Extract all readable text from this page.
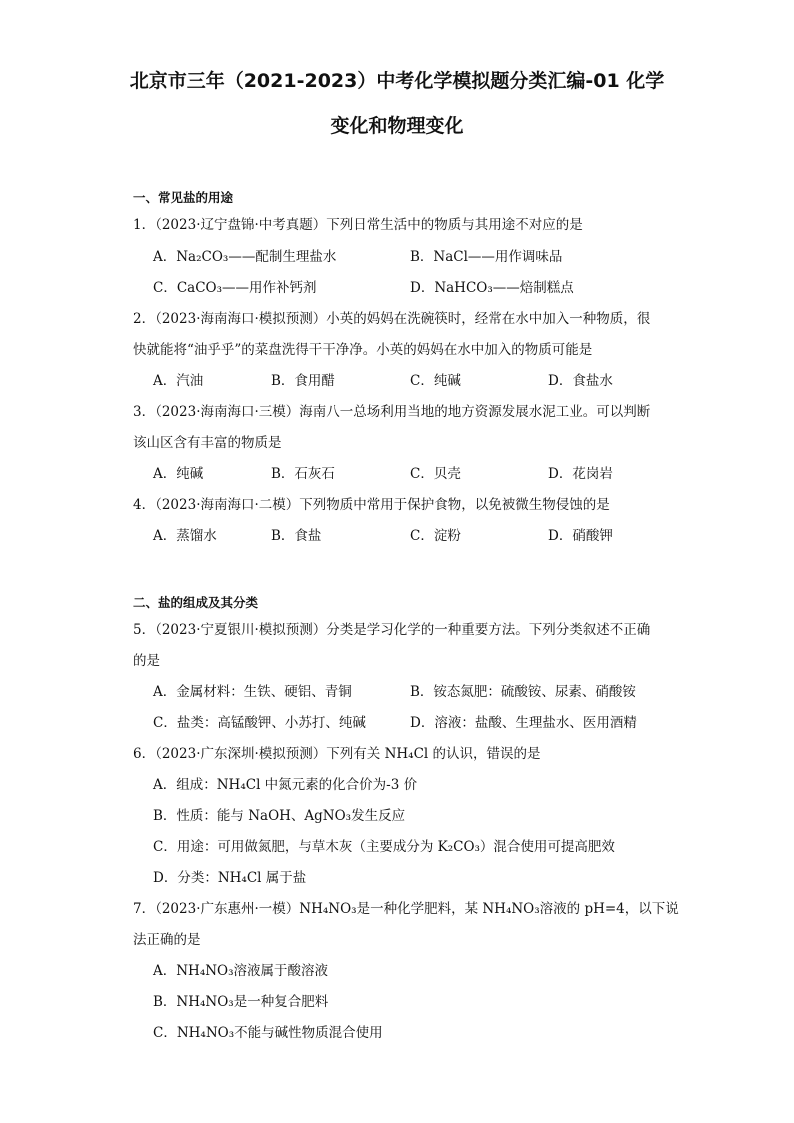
北京市三年（2021-2023）中考化学模拟题分类汇编-01 化学
变化和物理变化
一、常见盐的用途
1．（2023·辽宁盘锦·中考真题）下列日常生活中的物质与其用途不对应的是
A．Na₂CO₃——配制生理盐水	B．NaCl——用作调味品
C．CaCO₃——用作补钙剂	D．NaHCO₃——焙制糕点
2．（2023·海南海口·模拟预测）小英的妈妈在洗碗筷时，经常在水中加入一种物质，很
快就能将“油乎乎”的菜盘洗得干干净净。小英的妈妈在水中加入的物质可能是
A．汽油	B．食用醋	C．纯碱	D．食盐水
3．（2023·海南海口·三模）海南八一总场利用当地的地方资源发展水泥工业。可以判断
该山区含有丰富的物质是
A．纯碱	B．石灰石	C．贝壳	D．花岗岩
4．（2023·海南海口·二模）下列物质中常用于保护食物，以免被微生物侵蚀的是
A．蒸馏水	B．食盐	C．淀粉	D．硝酸钾
二、盐的组成及其分类
5．（2023·宁夏银川·模拟预测）分类是学习化学的一种重要方法。下列分类叙述不正确
的是
A．金属材料：生铁、硬铝、青铜	B．铵态氮肥：硫酸铵、尿素、硝酸铵
C．盐类：高锰酸钾、小苏打、纯碱	D．溶液：盐酸、生理盐水、医用酒精
6．（2023·广东深圳·模拟预测）下列有关 NH₄Cl 的认识，错误的是
A．组成：NH₄Cl 中氮元素的化合价为-3 价
B．性质：能与 NaOH、AgNO₃发生反应
C．用途：可用做氮肥，与草木灰（主要成分为 K₂CO₃）混合使用可提高肥效
D．分类：NH₄Cl 属于盐
7．（2023·广东惠州·一模）NH₄NO₃是一种化学肥料，某 NH₄NO₃溶液的 pH=4，以下说
法正确的是
A．NH₄NO₃溶液属于酸溶液
B．NH₄NO₃是一种复合肥料
C．NH₄NO₃不能与碱性物质混合使用
